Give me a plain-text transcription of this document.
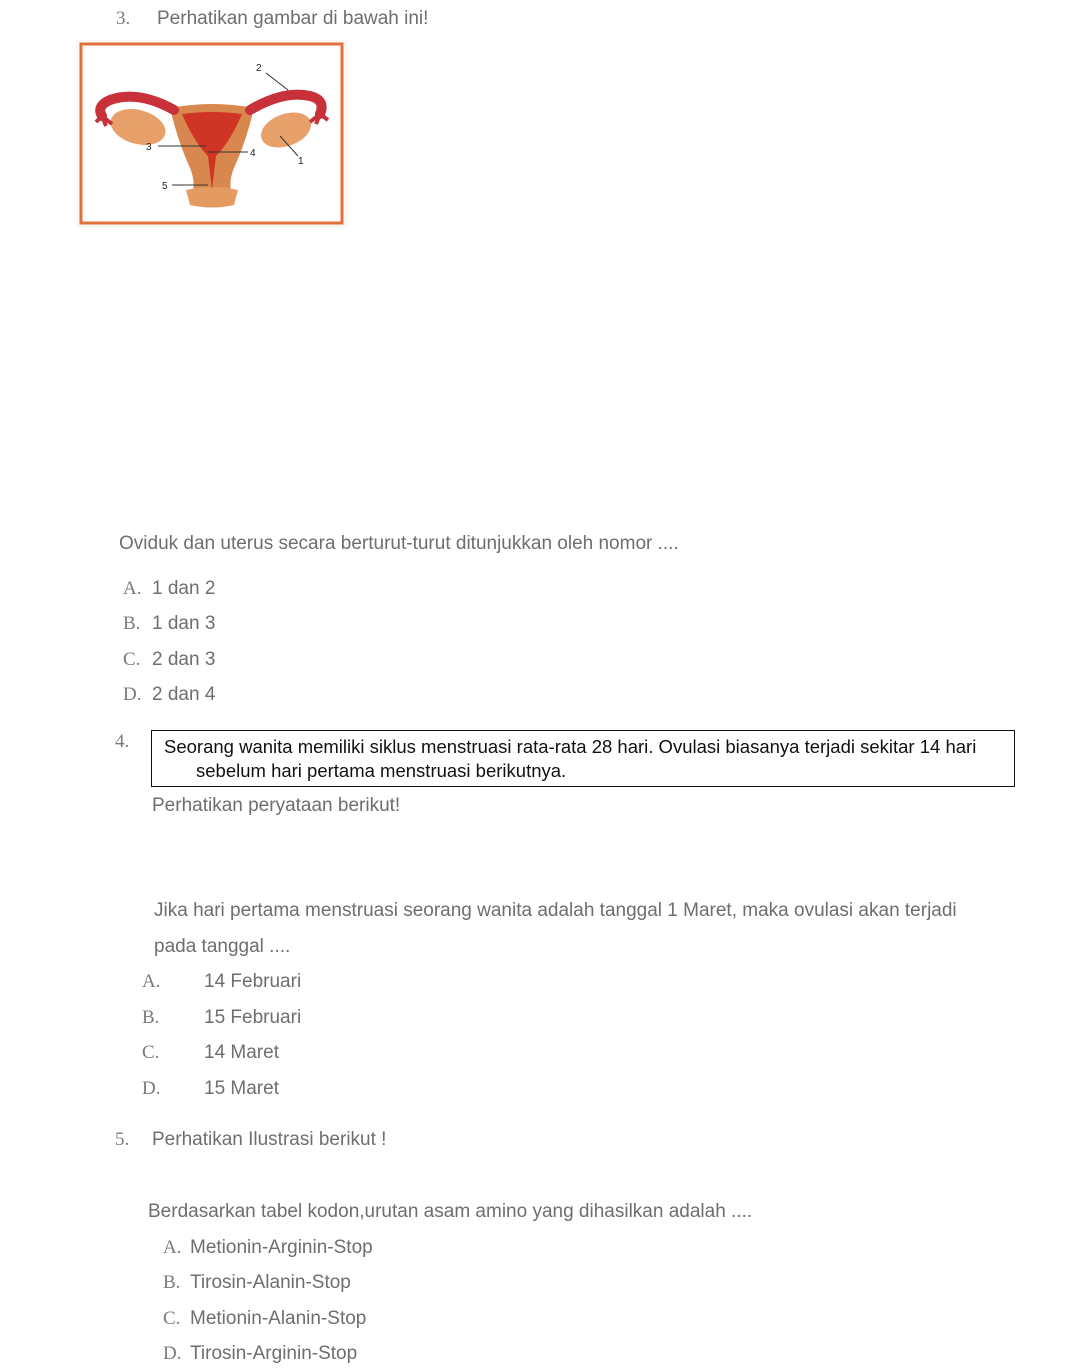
3. Perhatikan gambar di bawah ini!
2
3
4
1
5
Oviduk dan uterus secara berturut-turut ditunjukkan oleh nomor ....
A. 1 dan 2
B. 1 dan 3
C. 2 dan 3
D. 2 dan 4
4. Seorang wanita memiliki siklus menstruasi rata-rata 28 hari. Ovulasi biasanya terjadi sekitar 14 hari
sebelum hari pertama menstruasi berikutnya.
Perhatikan peryataan berikut!
Jika hari pertama menstruasi seorang wanita adalah tanggal 1 Maret, maka ovulasi akan terjadi
pada tanggal ....
A. 14 Februari
B. 15 Februari
C. 14 Maret
D. 15 Maret
5. Perhatikan Ilustrasi berikut !
Berdasarkan tabel kodon,urutan asam amino yang dihasilkan adalah ....
A. Metionin-Arginin-Stop
B. Tirosin-Alanin-Stop
C. Metionin-Alanin-Stop
D. Tirosin-Arginin-Stop
